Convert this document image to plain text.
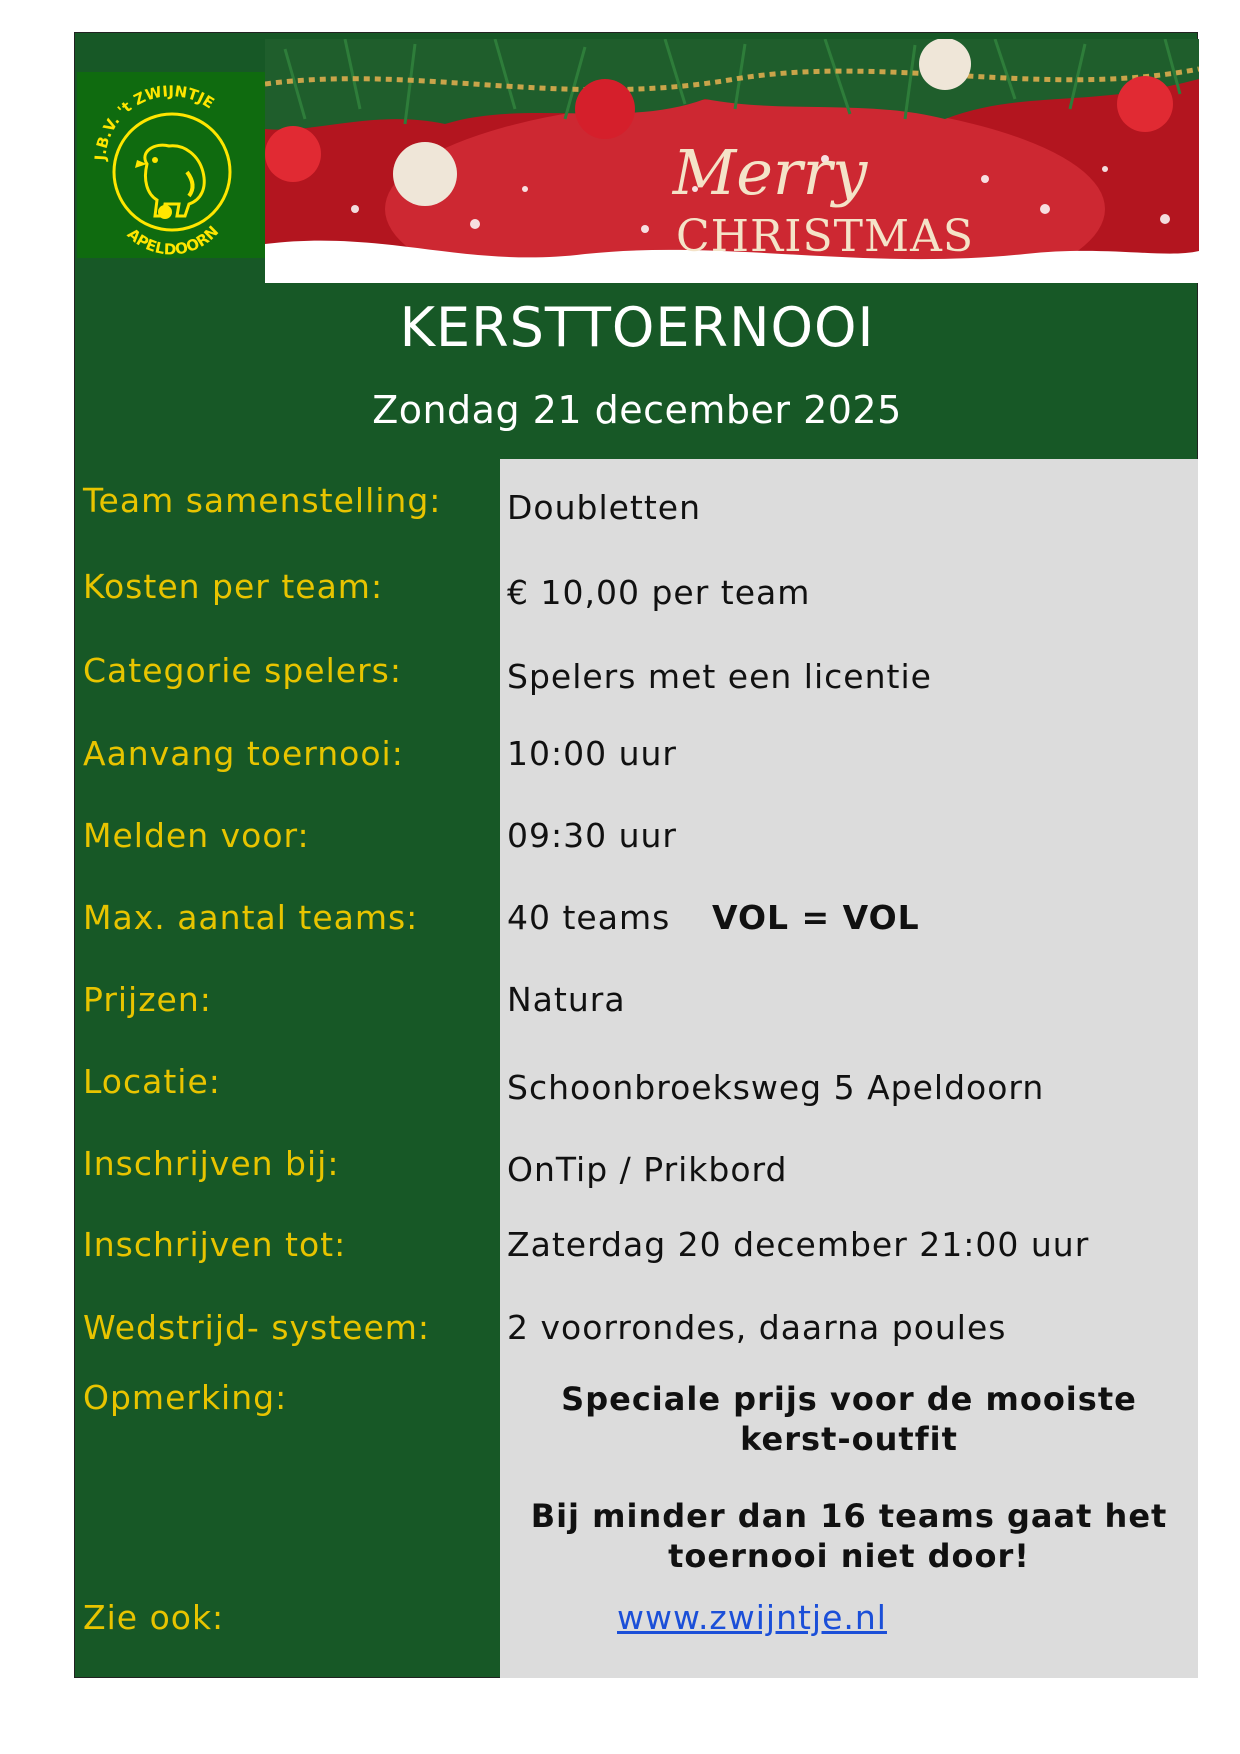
J.B.V. 't ZWIJNTJE
APELDOORN
Merry
CHRISTMAS
KERSTTOERNOOI
Zondag 21 december 2025
Team samenstelling: Doubletten
Kosten per team:	€ 10,00 per team
Categorie spelers:	Spelers met een licentie
Aanvang toernooi:	10:00 uur
Melden voor:	09:30 uur
Max. aantal teams:	40 teams VOL = VOL
Prijzen:	Natura
Locatie:	Schoonbroeksweg 5 Apeldoorn
Inschrijven bij:	OnTip / Prikbord
Inschrijven tot:	Zaterdag 20 december 21:00 uur
Wedstrijd- systeem: 2 voorrondes, daarna poules
Opmerking:	Speciale prijs voor de mooiste
kerst-outfit
Bij minder dan 16 teams gaat het
toernooi niet door!
Zie ook:	www.zwijntje.nl
